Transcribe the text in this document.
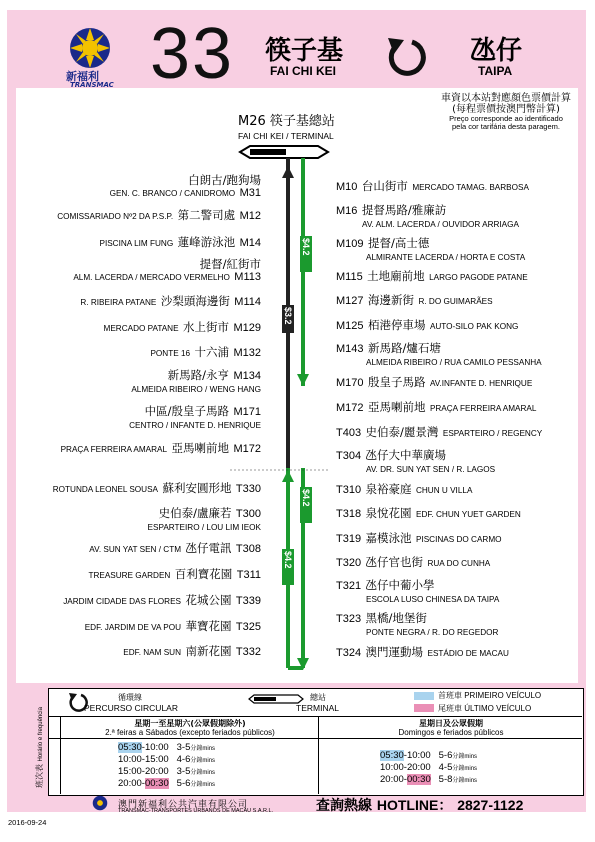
新福利
TRANSMAC 33 筷子基
FAI CHI KEI
氹仔
TAIPA
車資以本站對應顏色票價計算
(每程票價按澳門幣計算)
Preço corresponde ao identificado
pela cor tarifária desta paragem.
M26 筷子基總站
FAI CHI KEI / TERMINAL
$4.2
$3.2
$4.2
$4.2
白朗古/跑狗場
GEN. C. BRANCO / CANIDROMO M31
COMISSARIADO Nº2 DA P.S.P. 第二警司處 M12
PISCINA LIM FUNG 蓮峰游泳池 M14
提督/紅街市
ALM. LACERDA / MERCADO VERMELHO M113
R. RIBEIRA PATANE 沙梨頭海邊街 M114
MERCADO PATANE 水上街市 M129
PONTE 16 十六浦 M132
新馬路/永亨 M134
ALMEIDA RIBEIRO / WENG HANG
中區/殷皇子馬路 M171
CENTRO / INFANTE D. HENRIQUE
PRAÇA FERREIRA AMARAL 亞馬喇前地 M172
ROTUNDA LEONEL SOUSA 蘇利安圓形地 T330
史伯泰/盧廉若 T300
ESPARTEIRO / LOU LIM IEOK
AV. SUN YAT SEN / CTM 氹仔電訊 T308
TREASURE GARDEN 百利寶花園 T311
JARDIM CIDADE DAS FLORES 花城公園 T339
EDF. JARDIM DE VA POU 華寶花園 T325
EDF. NAM SUN 南新花園 T332
M10 台山街市 MERCADO TAMAG. BARBOSA
M16 提督馬路/雅廉訪
AV. ALM. LACERDA / OUVIDOR ARRIAGA
M109 提督/高士德
ALMIRANTE LACERDA / HORTA E COSTA
M115 土地廟前地 LARGO PAGODE PATANE
M127 海邊新街 R. DO GUIMARÃES
M125 栢港停車場 AUTO-SILO PAK KONG
M143 新馬路/爐石塘
ALMEIDA RIBEIRO / RUA CAMILO PESSANHA
M170 殷皇子馬路 AV.INFANTE D. HENRIQUE
M172 亞馬喇前地 PRAÇA FERREIRA AMARAL
T403 史伯泰/麗景灣 ESPARTEIRO / REGENCY
T304 氹仔大中華廣場
AV. DR. SUN YAT SEN / R. LAGOS
T310 泉裕豪庭 CHUN U VILLA
T318 泉悅花園 EDF. CHUN YUET GARDEN
T319 嘉模泳池 PISCINAS DO CARMO
T320 氹仔官也街 RUA DO CUNHA
T321 氹仔中葡小學
ESCOLA LUSO CHINESA DA TAIPA
T323 黑橋/地堡街
PONTE NEGRA / R. DO REGEDOR
T324 澳門運動場 ESTÁDIO DE MACAU
循環線
PERCURSO CIRCULAR
總站
TERMINAL
首班車 PRIMEIRO VEÍCULO
尾班車 ÚLTIMO VEÍCULO
班次表 Horário e frequência	星期一至星期六(公眾假期除外)
2.ª feiras a Sábados (excepto feriados públicos)
星期日及公眾假期
Domingos e feriados públicos
05:30-10:00 3-5分鐘mins
10:00-15:00 4-6分鐘mins
15:00-20:00 3-5分鐘mins
20:00-00:30 5-6分鐘mins
05:30-10:00 5-6分鐘mins
10:00-20:00 4-5分鐘mins
20:00-00:30 5-8分鐘mins
澳門新福利公共汽車有限公司
TRANSMAC-TRANSPORTES URBANOS DE MACAU S.A.R.L.	查詢熱線 HOTLINE： 2827-1122
2016-09-24
